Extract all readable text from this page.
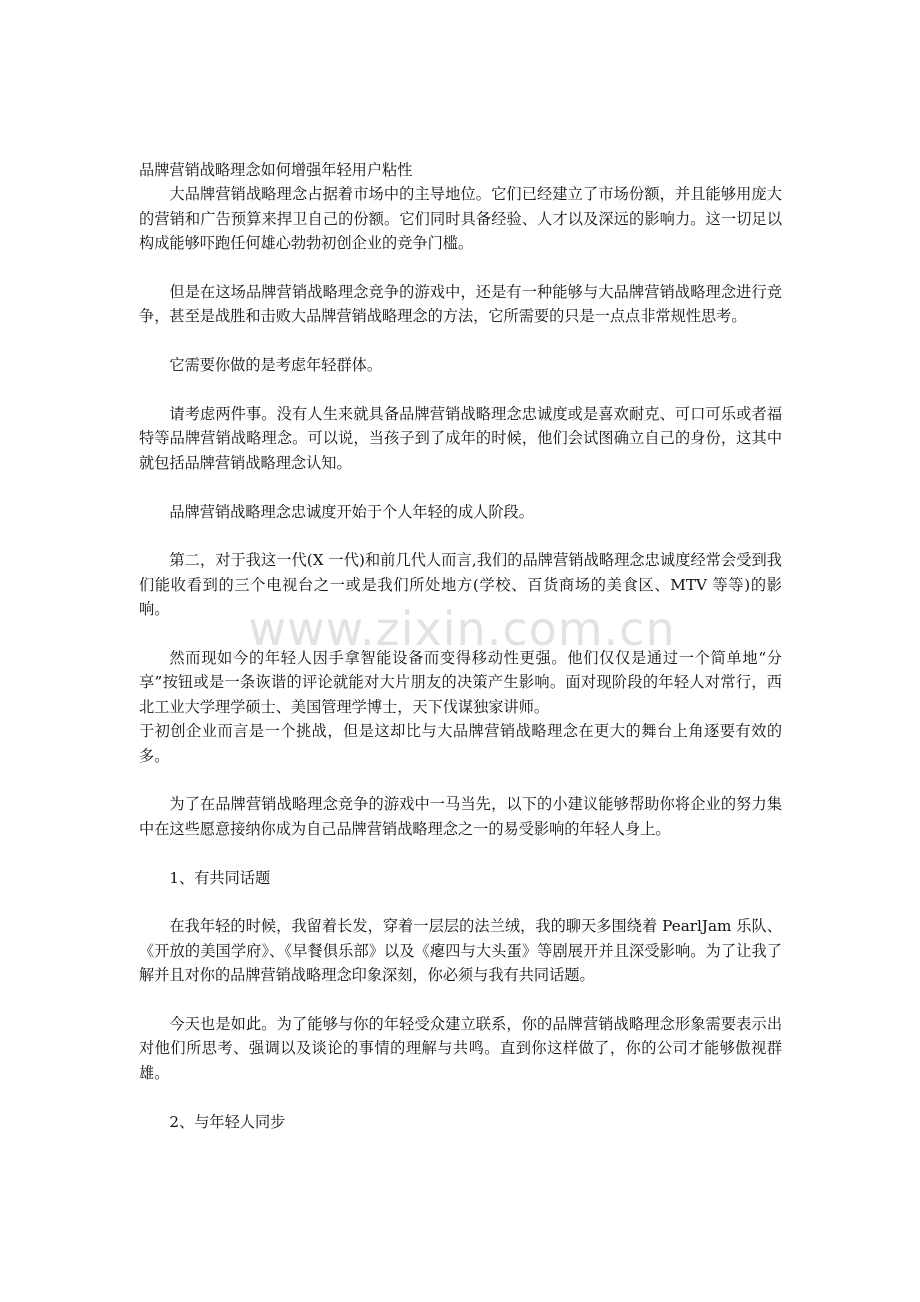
品牌营销战略理念如何增强年轻用户粘性

大品牌营销战略理念占据着市场中的主导地位。它们已经建立了市场份额，并且能够用庞大的营销和广告预算来捍卫自己的份额。它们同时具备经验、人才以及深远的影响力。这一切足以构成能够吓跑任何雄心勃勃初创企业的竞争门槛。

但是在这场品牌营销战略理念竞争的游戏中，还是有一种能够与大品牌营销战略理念进行竞争，甚至是战胜和击败大品牌营销战略理念的方法，它所需要的只是一点点非常规性思考。

它需要你做的是考虑年轻群体。

请考虑两件事。没有人生来就具备品牌营销战略理念忠诚度或是喜欢耐克、可口可乐或者福特等品牌营销战略理念。可以说，当孩子到了成年的时候，他们会试图确立自己的身份，这其中就包括品牌营销战略理念认知。

品牌营销战略理念忠诚度开始于个人年轻的成人阶段。

第二，对于我这一代(X 一代)和前几代人而言,我们的品牌营销战略理念忠诚度经常会受到我们能收看到的三个电视台之一或是我们所处地方(学校、百货商场的美食区、MTV 等等)的影响。

然而现如今的年轻人因手拿智能设备而变得移动性更强。他们仅仅是通过一个简单地“分享”按钮或是一条诙谐的评论就能对大片朋友的决策产生影响。面对现阶段的年轻人对常行，西北工业大学理学硕士、美国管理学博士，天下伐谋独家讲师。

于初创企业而言是一个挑战，但是这却比与大品牌营销战略理念在更大的舞台上角逐要有效的多。

为了在品牌营销战略理念竞争的游戏中一马当先，以下的小建议能够帮助你将企业的努力集中在这些愿意接纳你成为自己品牌营销战略理念之一的易受影响的年轻人身上。

1、有共同话题

在我年轻的时候，我留着长发，穿着一层层的法兰绒，我的聊天多围绕着 PearlJam 乐队、《开放的美国学府》、《早餐俱乐部》以及《瘪四与大头蛋》等剧展开并且深受影响。为了让我了解并且对你的品牌营销战略理念印象深刻，你必须与我有共同话题。

今天也是如此。为了能够与你的年轻受众建立联系，你的品牌营销战略理念形象需要表示出对他们所思考、强调以及谈论的事情的理解与共鸣。直到你这样做了，你的公司才能够傲视群雄。

2、与年轻人同步

www.zixin.com.cn
